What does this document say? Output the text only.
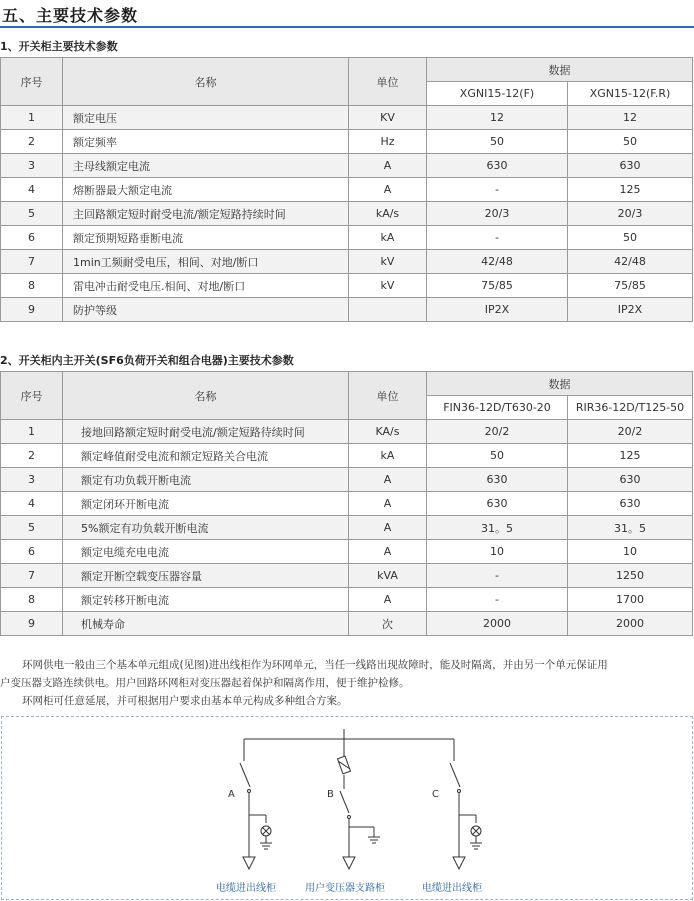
五、主要技术参数
1、开关柜主要技术参数
序号	名称	单位	数据	
			XGNI15-12(F)	XGN15-12(F.R)
1	额定电压	KV	12	12
2	额定频率	Hz	50	50
3	主母线额定电流	A	630	630
4	熔断器最大额定电流	A	-	125
5	主回路额定短时耐受电流/额定短路持续时间	kA/s	20/3	20/3
6	额定预期短路垂断电流	kA	-	50
7	1min工频耐受电压，相间、对地/断口	kV	42/48	42/48
8	雷电冲击耐受电压.相间、对地/断口	kV	75/85	75/85
9	防护等级		IP2X	IP2X
2、开关柜内主开关(SF6负荷开关和组合电器)主要技术参数
序号	名称	单位	数据	
			FIN36-12D/T630-20	RIR36-12D/T125-50
1	接地回路额定短时耐受电流/额定短路待续时间	KA/s	20/2	20/2
2	额定峰值耐受电流和额定短路关合电流	kA	50	125
3	额定有功负载开断电流	A	630	630
4	额定闭环开断电流	A	630	630
5	5%额定有功负载开断电流	A	31。5	31。5
6	额定电缆充电电流	A	10	10
7	额定开断空载变压器容量	kVA	-	1250
8	额定转移开断电流	A	-	1700
9	机械寿命	次	2000	2000
环网供电一般由三个基本单元组成(见图)进出线柜作为环网单元，当任一线路出现故障时，能及时隔离，并由另一个单元保证用
户变压器支路连续供电。用户回路环网柜对变压器起着保护和隔离作用，便于维护检修。
环网柜可任意延展，并可根据用户要求由基本单元构成多种组合方案。
A	B	C
电缆进出线柜	用户变压器支路柜	电缆进出线柜
